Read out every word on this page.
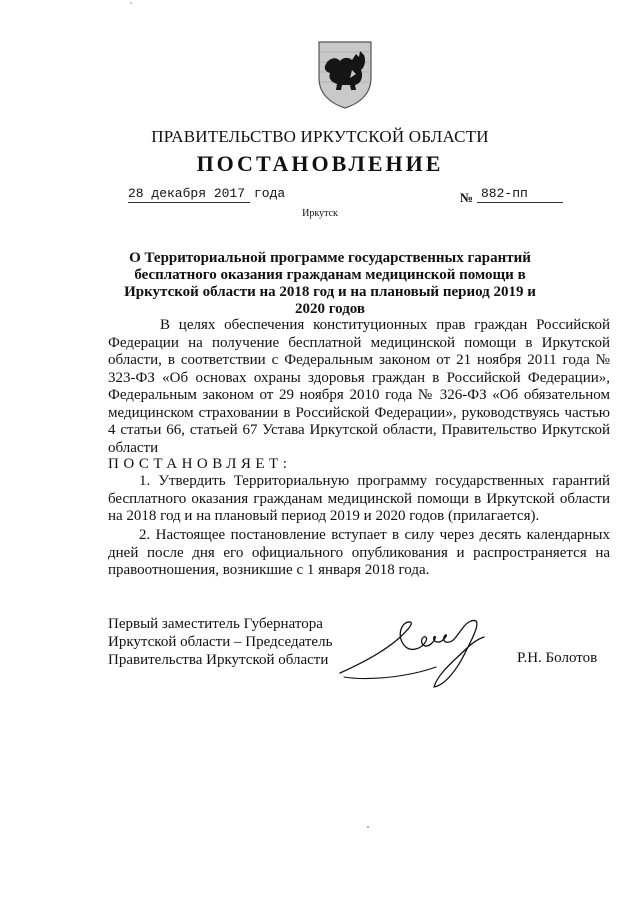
ПРАВИТЕЛЬСТВО ИРКУТСКОЙ ОБЛАСТИ
ПОСТАНОВЛЕНИЕ
28 декабря 2017 года	№ 882-пп
Иркутск
О Территориальной программе государственных гарантий бесплатного оказания гражданам медицинской помощи в Иркутской области на 2018 год и на плановый период 2019 и 2020 годов

В целях обеспечения конституционных прав граждан Российской Федерации на получение бесплатной медицинской помощи в Иркутской области, в соответствии с Федеральным законом от 21 ноября 2011 года № 323-ФЗ «Об основах охраны здоровья граждан в Российской Федерации», Федеральным законом от 29 ноября 2010 года № 326-ФЗ «Об обязательном медицинском страховании в Российской Федерации», руководствуясь частью 4 статьи 66, статьей 67 Устава Иркутской области, Правительство Иркутской области

ПОСТАНОВЛЯЕТ:

1. Утвердить Территориальную программу государственных гарантий бесплатного оказания гражданам медицинской помощи в Иркутской области на 2018 год и на плановый период 2019 и 2020 годов (прилагается).

2. Настоящее постановление вступает в силу через десять календарных дней после дня его официального опубликования и распространяется на правоотношения, возникшие с 1 января 2018 года.

Первый заместитель Губернатора
Иркутской области – Председатель
Правительства Иркутской области	Р.Н. Болотов
